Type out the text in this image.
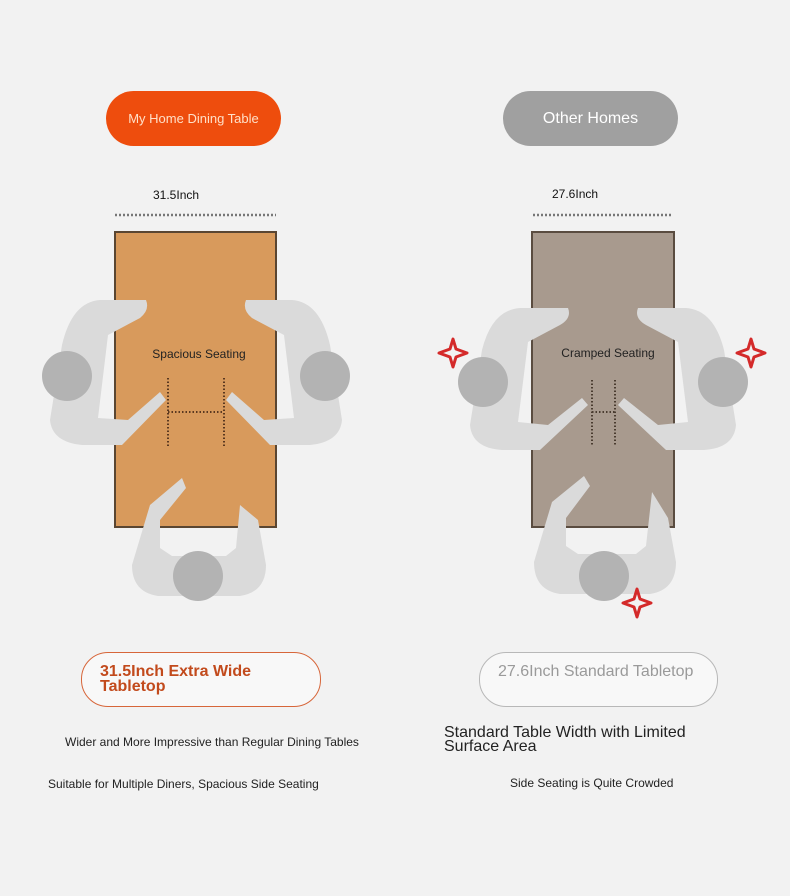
My Home Dining Table	Other Homes
31.5Inch	27.6Inch
Spacious Seating	Cramped Seating
31.5Inch Extra Wide Tabletop
27.6Inch Standard Tabletop
Wider and More Impressive than Regular Dining Tables
Suitable for Multiple Diners, Spacious Side Seating
Standard Table Width with Limited Surface Area
Side Seating is Quite Crowded
